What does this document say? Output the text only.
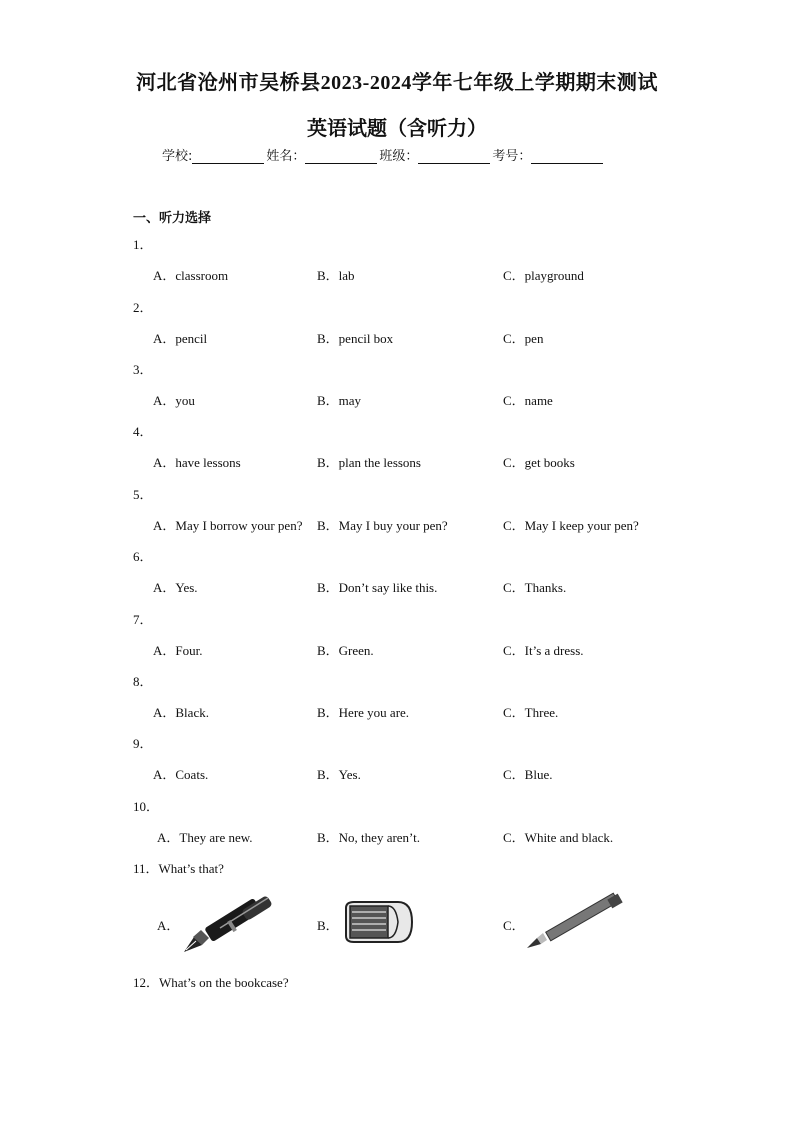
河北省沧州市吴桥县2023-2024学年七年级上学期期末测试
英语试题（含听力）
学校:	姓名：	班级：	考号：
一、听力选择
1．
A．classroom	B．lab	C．playground
2．
A．pencil	B．pencil box	C．pen
3．
A．you	B．may	C．name
4．
A．have lessons	B．plan the lessons	C．get books
5．
A．May I borrow your pen? B．May I buy your pen?	C．May I keep your pen?
6．
A．Yes.	B．Don’t say like this.	C．Thanks.
7．
A．Four.	B．Green.	C．It’s a dress.
8．
A．Black.	B．Here you are.	C．Three.
9．
A．Coats.	B．Yes.	C．Blue.
10．
A．They are new.	B．No, they aren’t.	C．White and black.
11．What’s that?
A．	B．	C．
12．What’s on the bookcase?
